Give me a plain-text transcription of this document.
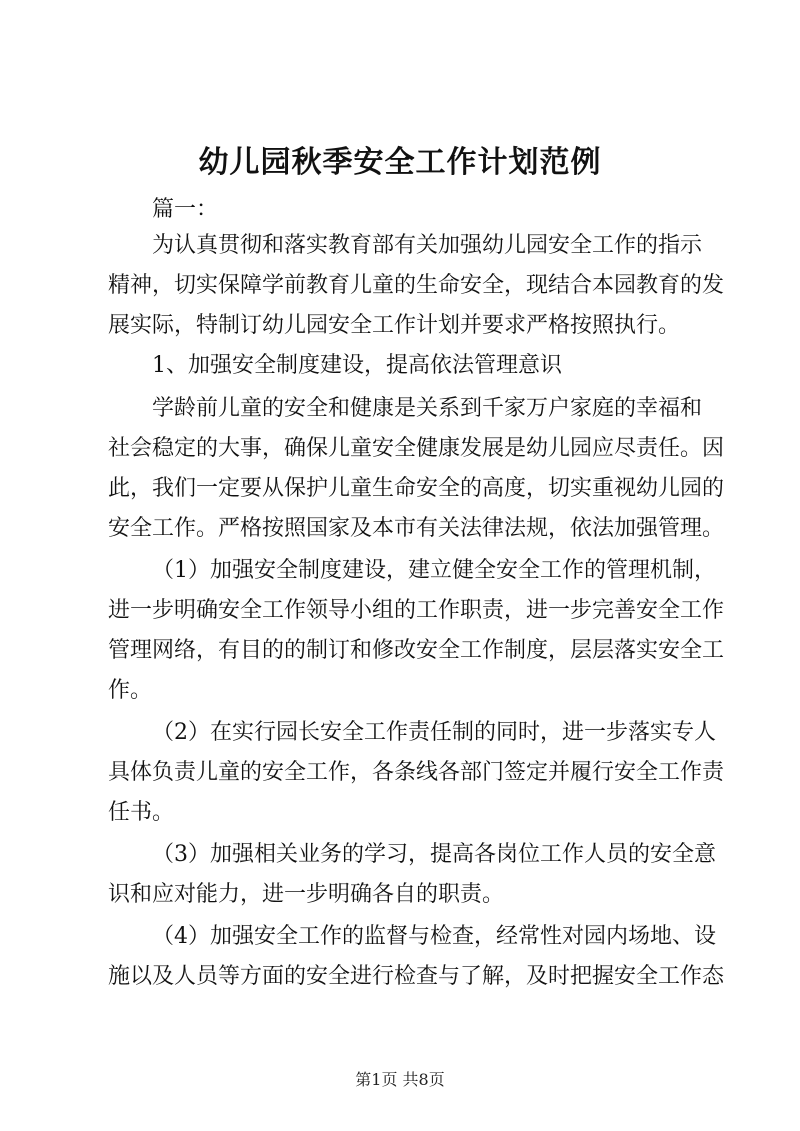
幼儿园秋季安全工作计划范例
篇一：
为认真贯彻和落实教育部有关加强幼儿园安全工作的指示
精神，切实保障学前教育儿童的生命安全，现结合本园教育的发
展实际，特制订幼儿园安全工作计划并要求严格按照执行。
1、加强安全制度建设，提高依法管理意识
学龄前儿童的安全和健康是关系到千家万户家庭的幸福和
社会稳定的大事，确保儿童安全健康发展是幼儿园应尽责任。因
此，我们一定要从保护儿童生命安全的高度，切实重视幼儿园的
安全工作。严格按照国家及本市有关法律法规，依法加强管理。
（1）加强安全制度建设，建立健全安全工作的管理机制，
进一步明确安全工作领导小组的工作职责，进一步完善安全工作
管理网络，有目的的制订和修改安全工作制度，层层落实安全工
作。
（2）在实行园长安全工作责任制的同时，进一步落实专人
具体负责儿童的安全工作，各条线各部门签定并履行安全工作责
任书。
（3）加强相关业务的学习，提高各岗位工作人员的安全意
识和应对能力，进一步明确各自的职责。
（4）加强安全工作的监督与检查，经常性对园内场地、设
施以及人员等方面的安全进行检查与了解，及时把握安全工作态
第1页 共8页
